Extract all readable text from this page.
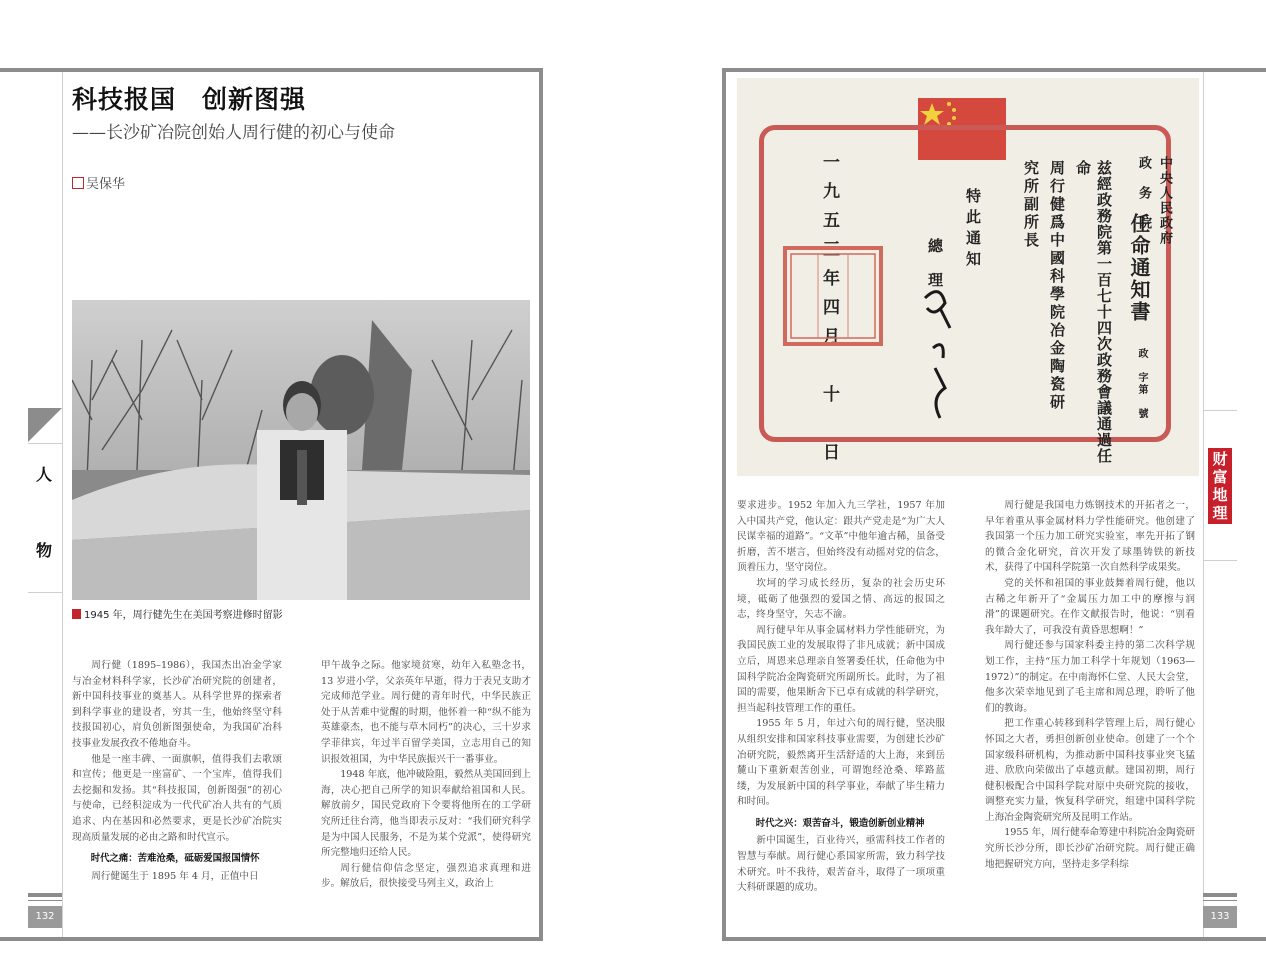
人
物
132
科技报国　创新图强
——长沙矿冶院创始人周行健的初心与使命
吴保华
1945 年，周行健先生在美国考察进修时留影

周行健（1895–1986），我国杰出冶金学家与冶金材料科学家，长沙矿冶研究院的创建者，新中国科技事业的奠基人。从科学世界的探索者到科学事业的建设者，穷其一生，他始终坚守科技报国初心，肩负创新图强使命，为我国矿冶科技事业发展孜孜不倦地奋斗。

他是一座丰碑、一面旗帜，值得我们去歌颂和宣传；他更是一座富矿、一个宝库，值得我们去挖掘和发扬。其“科技报国，创新图强”的初心与使命，已经积淀成为一代代矿冶人共有的气质追求、内在基因和必然要求，更是长沙矿冶院实现高质量发展的必由之路和时代宣示。

时代之痛：苦难沧桑，砥砺爱国报国情怀

周行健诞生于 1895 年 4 月，正值中日

甲午战争之际。他家境贫寒，幼年入私塾念书，13 岁进小学，父亲英年早逝，得力于表兄支助才完成师范学业。周行健的青年时代，中华民族正处于从苦难中觉醒的时期，他怀着一种“纵不能为英雄豪杰，也不能与草木同朽”的决心，三十岁求学菲律宾，年过半百留学美国，立志用自己的知识报效祖国，为中华民族振兴干一番事业。

1948 年底，他冲破险阻，毅然从美国回到上海，决心把自己所学的知识奉献给祖国和人民。解放前夕，国民党政府下令要将他所在的工学研究所迁往台湾，他当即表示反对：“我们研究科学是为中国人民服务，不是为某个党派”，使得研究所完整地归还给人民。

周行健信仰信念坚定，强烈追求真理和进步。解放后，很快接受马列主义，政治上

财富地理
133
中央人民政府
政　务　院
任命通知書
政　字第　號
兹經政務院第一百七十四次政務會議通過任命
周行健爲中國科學院冶金陶瓷研
究所副所長
特此通知
總　理
一九五三年四月　十　日

要求进步。1952 年加入九三学社，1957 年加入中国共产党，他认定：跟共产党走是“为广大人民谋幸福的道路”。“文革”中他年逾古稀，虽备受折磨，苦不堪言，但始终没有动摇对党的信念，顶着压力，坚守岗位。

坎坷的学习成长经历，复杂的社会历史环境，砥砺了他强烈的爱国之情、高远的报国之志，终身坚守，矢志不渝。

周行健早年从事金属材料力学性能研究，为我国民族工业的发展取得了非凡成就；新中国成立后，周恩来总理亲自签署委任状，任命他为中国科学院冶金陶瓷研究所副所长。此时，为了祖国的需要，他果断舍下已卓有成就的科学研究，担当起科技管理工作的重任。

1955 年 5 月，年过六旬的周行健，坚决服从组织安排和国家科技事业需要，为创建长沙矿冶研究院，毅然离开生活舒适的大上海，来到岳麓山下重新艰苦创业，可谓饱经沧桑、筚路蓝缕，为发展新中国的科学事业，奉献了毕生精力和时间。

时代之兴：艰苦奋斗，锻造创新创业精神

新中国诞生，百业待兴，亟需科技工作者的智慧与奉献。周行健心系国家所需，致力科学技术研究。叶不我待，艰苦奋斗，取得了一项项重大科研课题的成功。

周行健是我国电力炼钢技术的开拓者之一，早年着重从事金属材料力学性能研究。他创建了我国第一个压力加工研究实验室，率先开拓了钢的微合金化研究，首次开发了球墨铸铁的新技术，获得了中国科学院第一次自然科学成果奖。

党的关怀和祖国的事业鼓舞着周行健，他以古稀之年新开了“金属压力加工中的摩擦与润滑”的课题研究。在作文献报告时，他说：“别看我年龄大了，可我没有黄昏思想啊！”

周行健还参与国家科委主持的第二次科学规划工作，主持“压力加工科学十年规划（1963—1972）”的制定。在中南海怀仁堂、人民大会堂，他多次荣幸地见到了毛主席和周总理，聆听了他们的教诲。

把工作重心转移到科学管理上后，周行健心怀国之大者，勇担创新创业使命。创建了一个个国家级科研机构，为推动新中国科技事业突飞猛进、欣欣向荣做出了卓越贡献。建国初期，周行健积极配合中国科学院对原中央研究院的接收，调整充实力量，恢复科学研究，组建中国科学院上海冶金陶瓷研究所及昆明工作站。

1955 年，周行健奉命筹建中科院冶金陶瓷研究所长沙分所，即长沙矿冶研究院。周行健正确地把握研究方向，坚持走多学科综
